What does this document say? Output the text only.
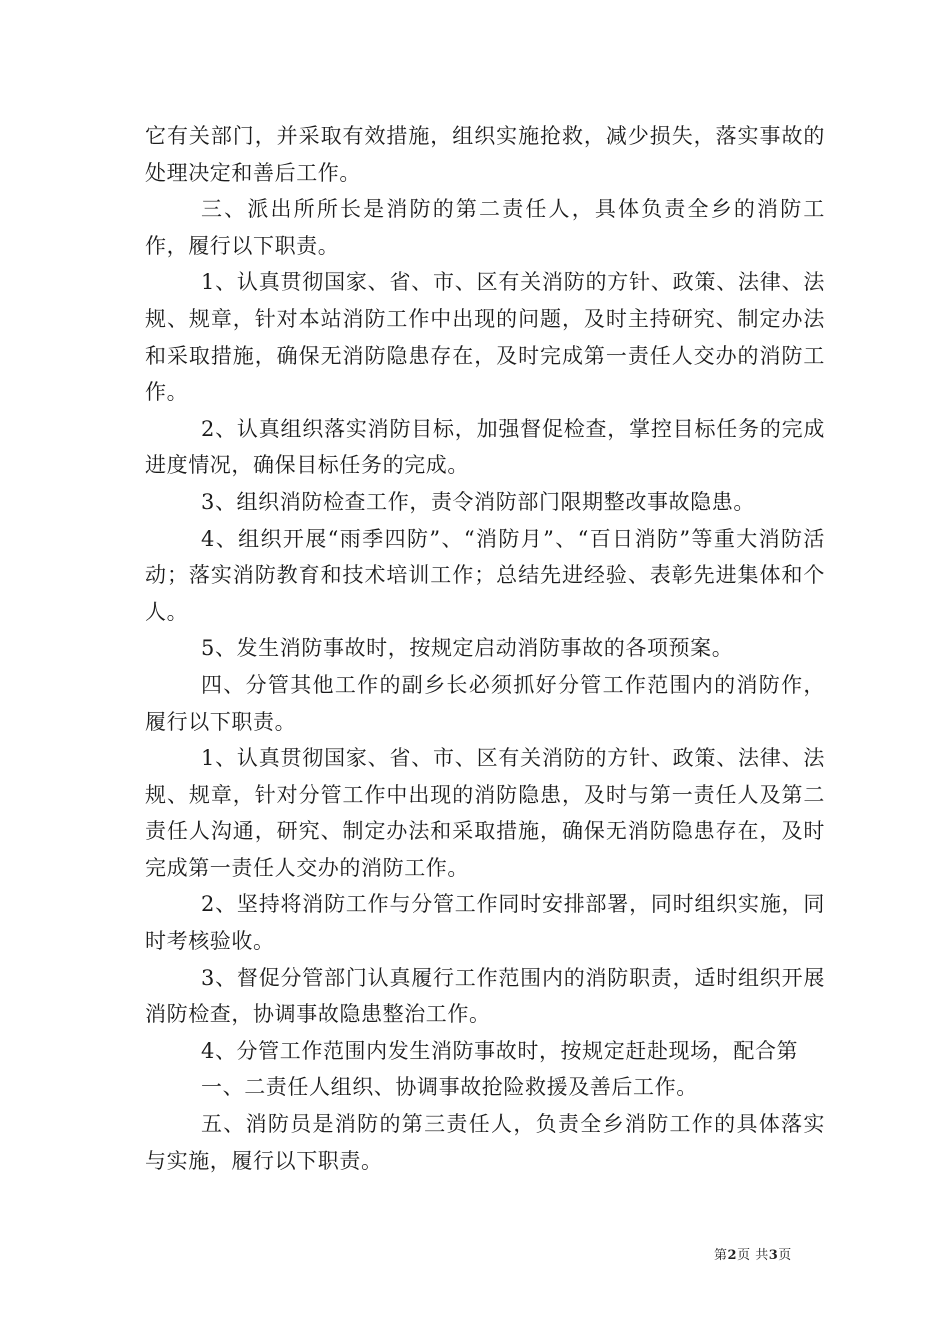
它有关部门，并采取有效措施，组织实施抢救，减少损失，落实事故的处理决定和善后工作。

三、派出所所长是消防的第二责任人，具体负责全乡的消防工作，履行以下职责。

1、认真贯彻国家、省、市、区有关消防的方针、政策、法律、法规、规章，针对本站消防工作中出现的问题，及时主持研究、制定办法和采取措施，确保无消防隐患存在，及时完成第一责任人交办的消防工作。

2、认真组织落实消防目标，加强督促检查，掌控目标任务的完成进度情况，确保目标任务的完成。

3、组织消防检查工作，责令消防部门限期整改事故隐患。

4、组织开展“雨季四防”、“消防月”、“百日消防”等重大消防活动；落实消防教育和技术培训工作；总结先进经验、表彰先进集体和个人。

5、发生消防事故时，按规定启动消防事故的各项预案。

四、分管其他工作的副乡长必须抓好分管工作范围内的消防作，履行以下职责。

1、认真贯彻国家、省、市、区有关消防的方针、政策、法律、法规、规章，针对分管工作中出现的消防隐患，及时与第一责任人及第二责任人沟通，研究、制定办法和采取措施，确保无消防隐患存在，及时完成第一责任人交办的消防工作。

2、坚持将消防工作与分管工作同时安排部署，同时组织实施，同时考核验收。

3、督促分管部门认真履行工作范围内的消防职责，适时组织开展消防检查，协调事故隐患整治工作。

4、分管工作范围内发生消防事故时，按规定赶赴现场，配合第

一、二责任人组织、协调事故抢险救援及善后工作。

五、消防员是消防的第三责任人，负责全乡消防工作的具体落实与实施，履行以下职责。

第2页 共3页
